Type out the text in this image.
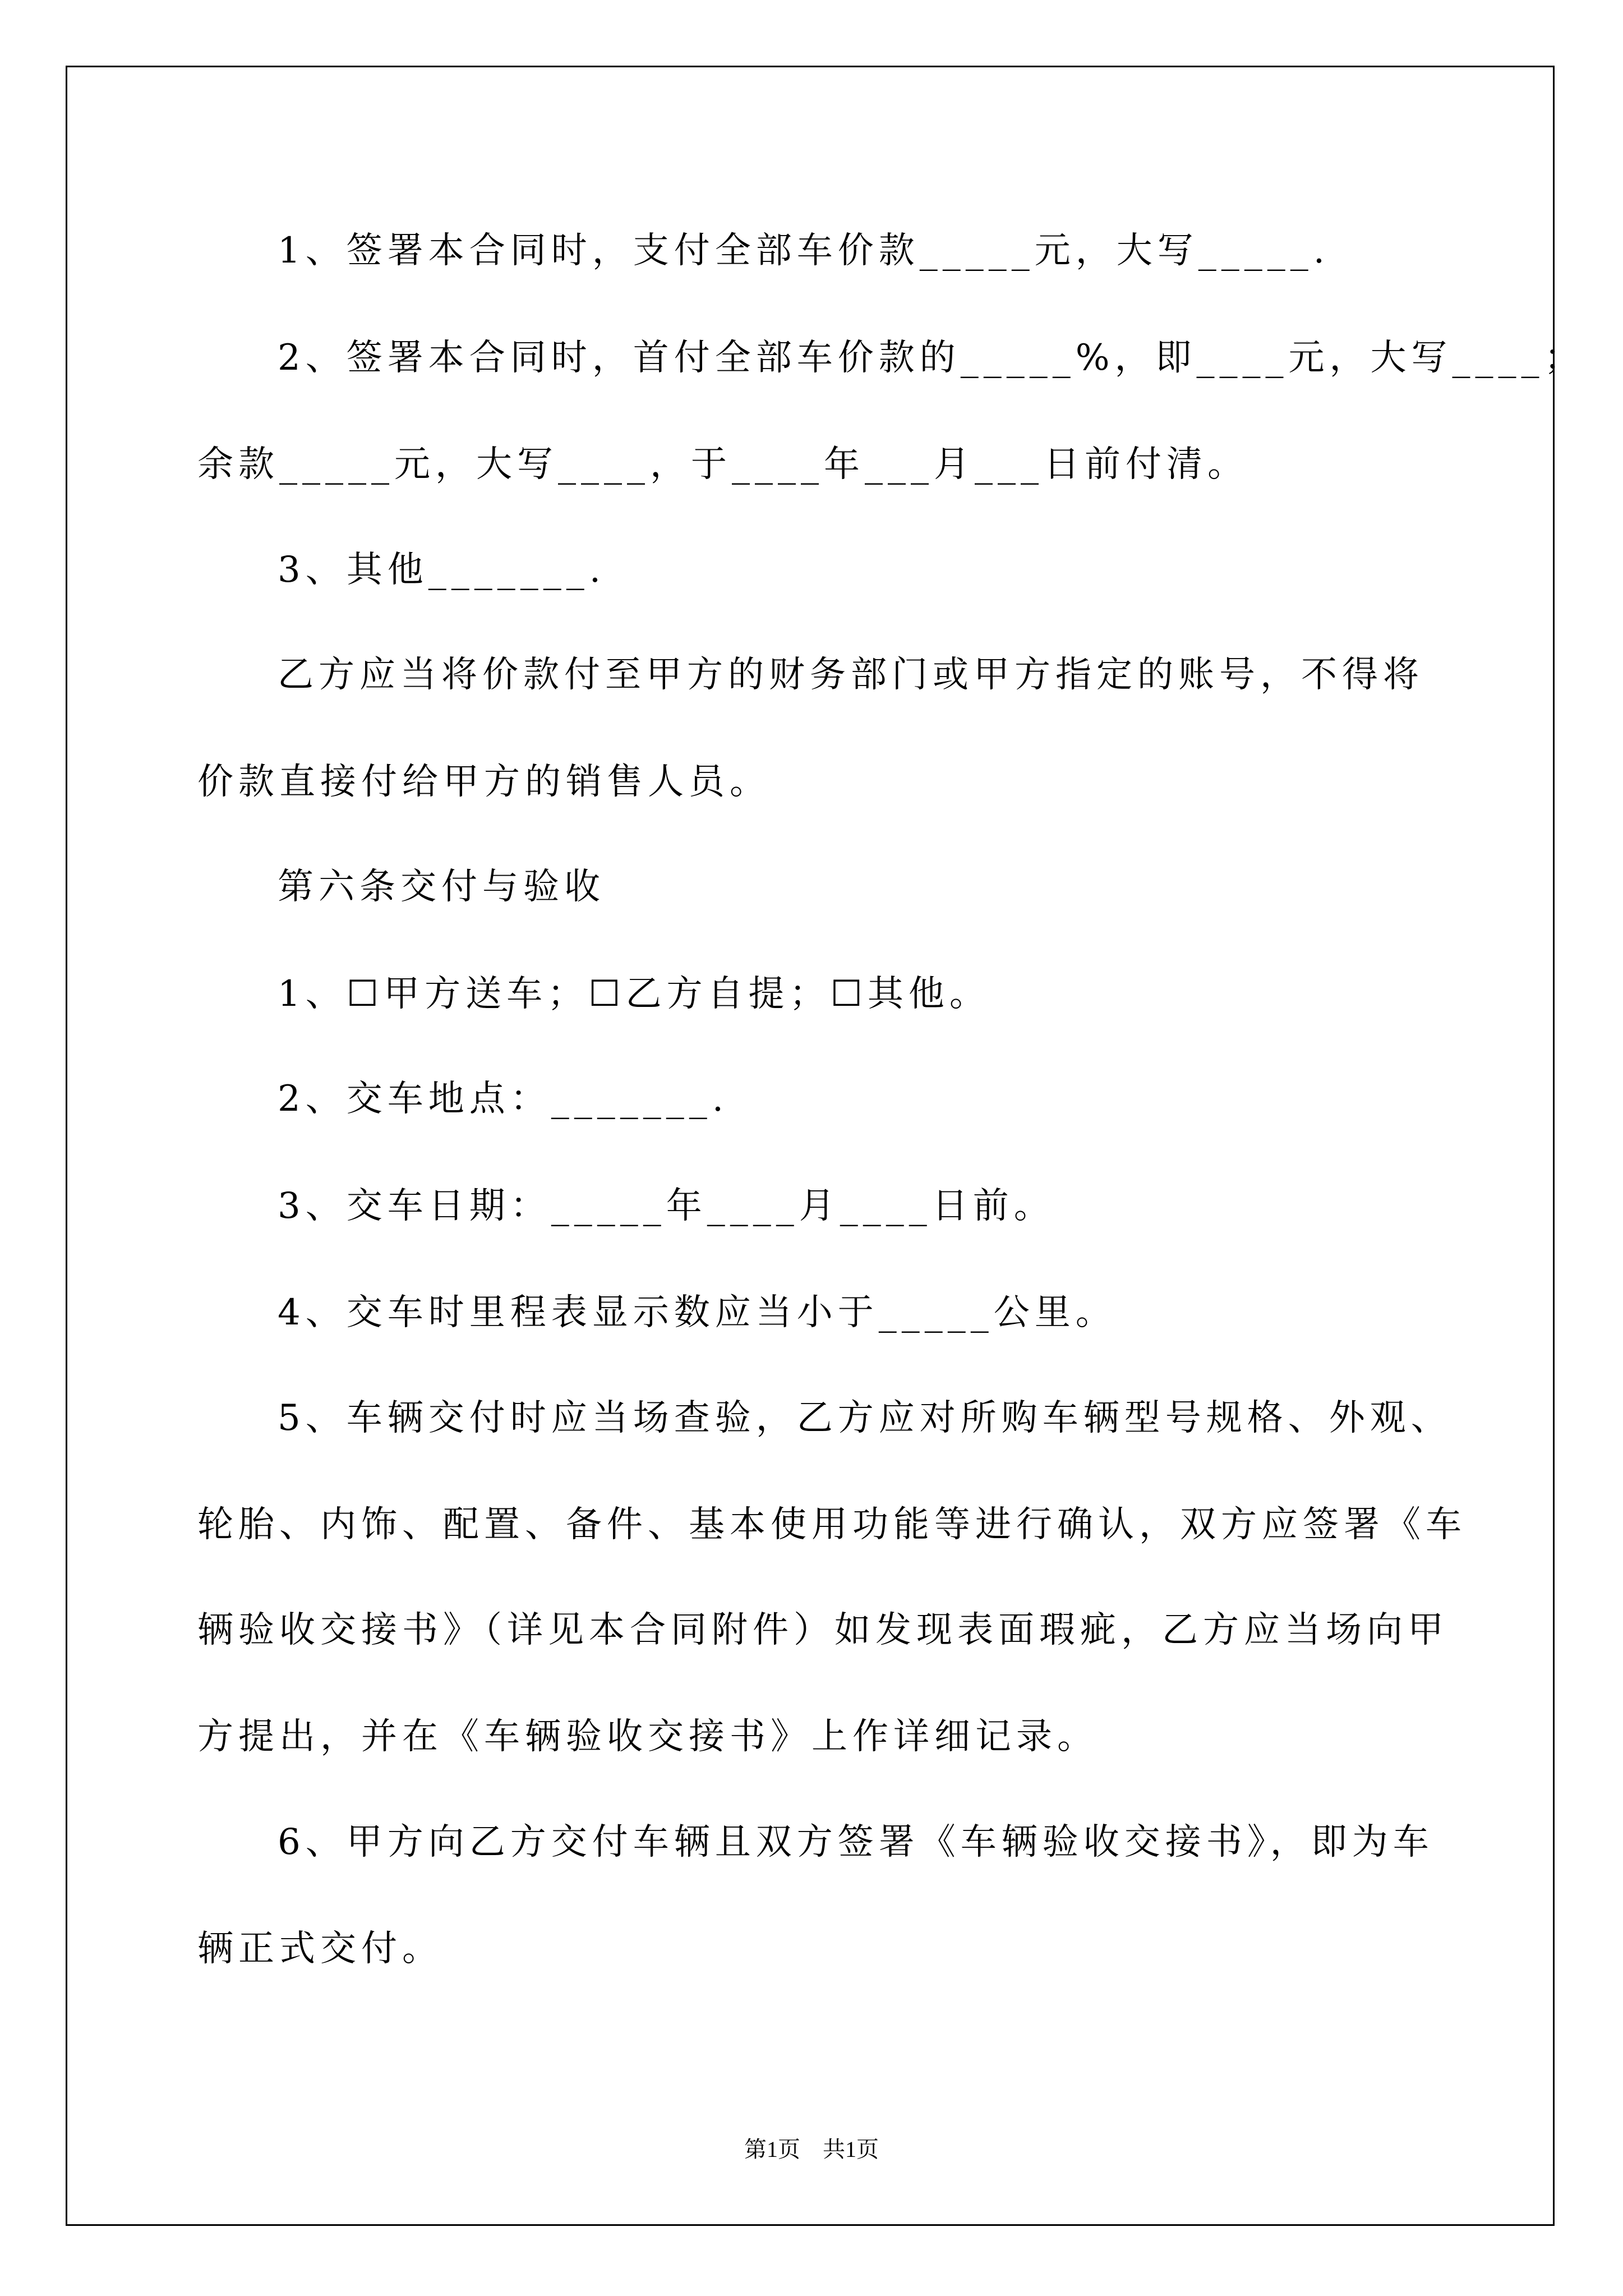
1、签署本合同时，支付全部车价款_____元，大写_____.
2、签署本合同时，首付全部车价款的_____%，即____元，大写____；
余款_____元，大写____，于____年___月___日前付清。
3、其他_______.
乙方应当将价款付至甲方的财务部门或甲方指定的账号，不得将
价款直接付给甲方的销售人员。
第六条交付与验收
1、☐甲方送车；☐乙方自提；☐其他。
2、交车地点：_______.
3、交车日期：_____年____月____日前。
4、交车时里程表显示数应当小于_____公里。
5、车辆交付时应当场查验，乙方应对所购车辆型号规格、外观、
轮胎、内饰、配置、备件、基本使用功能等进行确认，双方应签署《车
辆验收交接书》（详见本合同附件）如发现表面瑕疵，乙方应当场向甲
方提出，并在《车辆验收交接书》上作详细记录。
6、甲方向乙方交付车辆且双方签署《车辆验收交接书》，即为车
辆正式交付。
第1页　共1页
